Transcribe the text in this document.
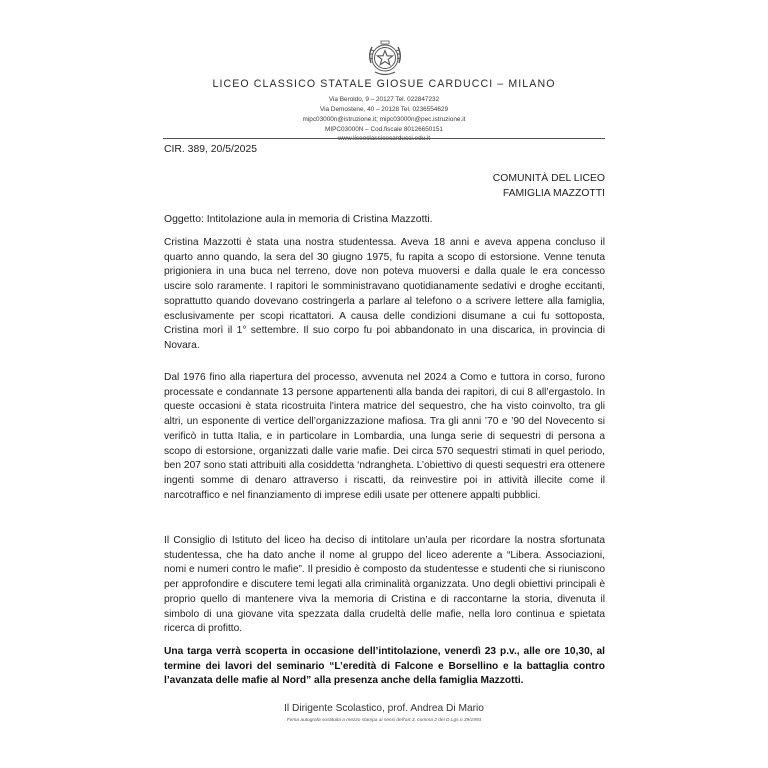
LICEO CLASSICO STATALE GIOSUE CARDUCCI – MILANO
Via Beroldo, 9 – 20127 Tel. 022847232
Via Demostene, 40 – 20128 Tel. 0236554629
mipc03000n@istruzione.it; mipc03000n@pec.istruzione.it
MIPC03000N – Cod.fiscale 80126650151
www.liceoclassicocarducci.edu.it
CIR. 389, 20/5/2025
COMUNITÀ DEL LICEO
FAMIGLIA MAZZOTTI
Oggetto: Intitolazione aula in memoria di Cristina Mazzotti.
Cristina Mazzotti è stata una nostra studentessa. Aveva 18 anni e aveva appena concluso il quarto anno quando, la sera del 30 giugno 1975, fu rapita a scopo di estorsione. Venne tenuta prigioniera in una buca nel terreno, dove non poteva muoversi e dalla quale le era concesso uscire solo raramente. I rapitori le somministravano quotidianamente sedativi e droghe eccitanti, soprattutto quando dovevano costringerla a parlare al telefono o a scrivere lettere alla famiglia, esclusivamente per scopi ricattatori. A causa delle condizioni disumane a cui fu sottoposta, Cristina morì il 1° settembre. Il suo corpo fu poi abbandonato in una discarica, in provincia di Novara.
Dal 1976 fino alla riapertura del processo, avvenuta nel 2024 a Como e tuttora in corso, furono processate e condannate 13 persone appartenenti alla banda dei rapitori, di cui 8 all’ergastolo. In queste occasioni è stata ricostruita l'intera matrice del sequestro, che ha visto coinvolto, tra gli altri, un esponente di vertice dell’organizzazione mafiosa. Tra gli anni ’70 e ’90 del Novecento si verificò in tutta Italia, e in particolare in Lombardia, una lunga serie di sequestri di persona a scopo di estorsione, organizzati dalle varie mafie. Dei circa 570 sequestri stimati in quel periodo, ben 207 sono stati attribuiti alla cosiddetta ‘ndrangheta. L’obiettivo di questi sequestri era ottenere ingenti somme di denaro attraverso i riscatti, da reinvestire poi in attività illecite come il narcotraffico e nel finanziamento di imprese edili usate per ottenere appalti pubblici.
Il Consiglio di Istituto del liceo ha deciso di intitolare un’aula per ricordare la nostra sfortunata studentessa, che ha dato anche il nome al gruppo del liceo aderente a “Libera. Associazioni, nomi e numeri contro le mafie”. Il presidio è composto da studentesse e studenti che si riuniscono per approfondire e discutere temi legati alla criminalità organizzata. Uno degli obiettivi principali è proprio quello di mantenere viva la memoria di Cristina e di raccontarne la storia, divenuta il simbolo di una giovane vita spezzata dalla crudeltà delle mafie, nella loro continua e spietata ricerca di profitto.
Una targa verrà scoperta in occasione dell’intitolazione, venerdì 23 p.v., alle ore 10,30, al termine dei lavori del seminario “L’eredità di Falcone e Borsellino e la battaglia contro l’avanzata delle mafie al Nord” alla presenza anche della famiglia Mazzotti.
Il Dirigente Scolastico, prof. Andrea Di Mario
Firma autografa sostituita a mezzo stampa ai sensi dell’art.3, comma 2 del D.Lgs.n.39/1993
